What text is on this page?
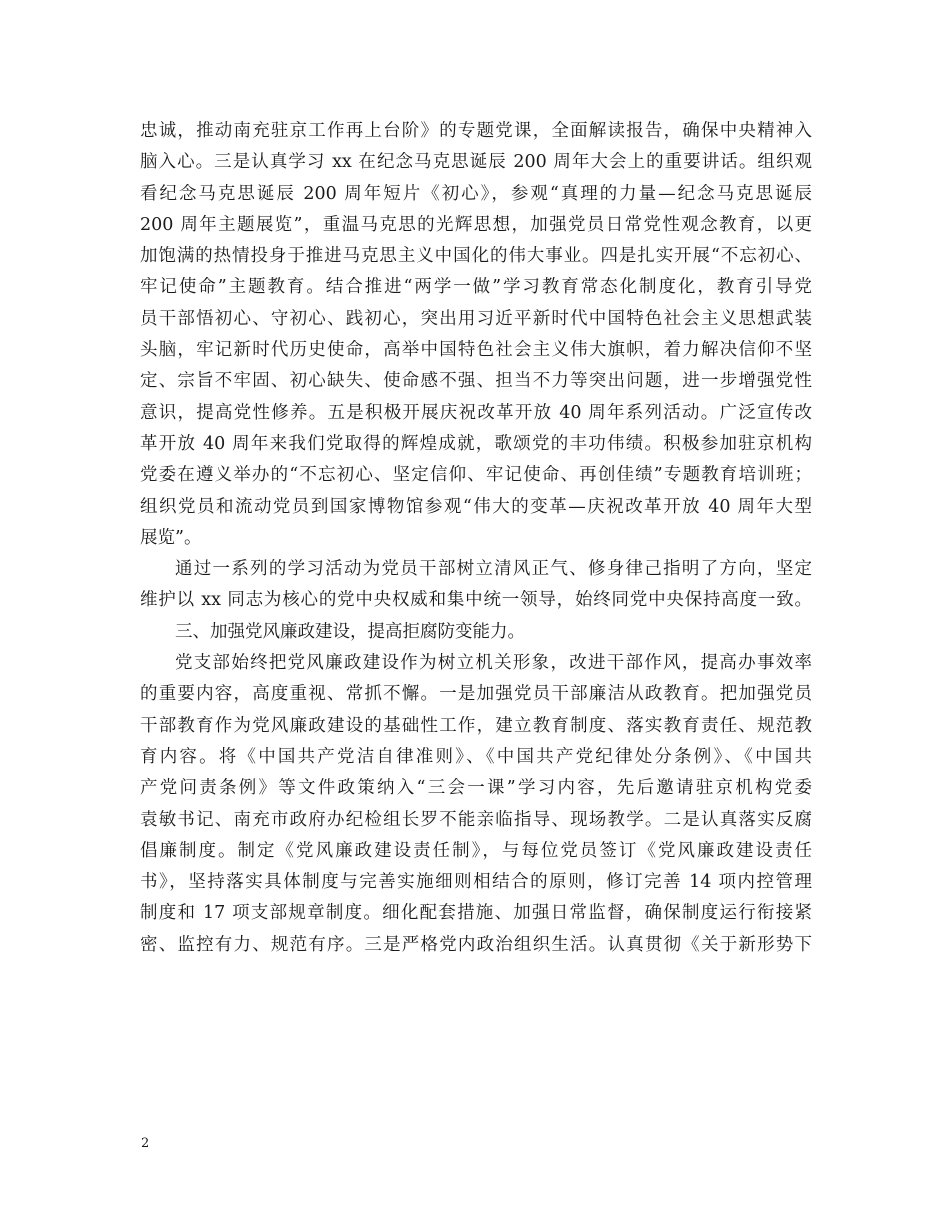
忠诚，推动南充驻京工作再上台阶》的专题党课，全面解读报告，确保中央精神入
脑入心。三是认真学习 xx 在纪念马克思诞辰 200 周年大会上的重要讲话。组织观
看纪念马克思诞辰 200 周年短片《初心》，参观“真理的力量—纪念马克思诞辰
200 周年主题展览”，重温马克思的光辉思想，加强党员日常党性观念教育，以更
加饱满的热情投身于推进马克思主义中国化的伟大事业。四是扎实开展“不忘初心、
牢记使命”主题教育。结合推进“两学一做”学习教育常态化制度化，教育引导党
员干部悟初心、守初心、践初心，突出用习近平新时代中国特色社会主义思想武装
头脑，牢记新时代历史使命，高举中国特色社会主义伟大旗帜，着力解决信仰不坚
定、宗旨不牢固、初心缺失、使命感不强、担当不力等突出问题，进一步增强党性
意识，提高党性修养。五是积极开展庆祝改革开放 40 周年系列活动。广泛宣传改
革开放 40 周年来我们党取得的辉煌成就，歌颂党的丰功伟绩。积极参加驻京机构
党委在遵义举办的“不忘初心、坚定信仰、牢记使命、再创佳绩”专题教育培训班；
组织党员和流动党员到国家博物馆参观“伟大的变革—庆祝改革开放 40 周年大型
展览”。
通过一系列的学习活动为党员干部树立清风正气、修身律己指明了方向，坚定
维护以 xx 同志为核心的党中央权威和集中统一领导，始终同党中央保持高度一致。
三、加强党风廉政建设，提高拒腐防变能力。
党支部始终把党风廉政建设作为树立机关形象，改进干部作风，提高办事效率
的重要内容，高度重视、常抓不懈。一是加强党员干部廉洁从政教育。把加强党员
干部教育作为党风廉政建设的基础性工作，建立教育制度、落实教育责任、规范教
育内容。将《中国共产党洁自律准则》、《中国共产党纪律处分条例》、《中国共
产党问责条例》等文件政策纳入“三会一课”学习内容，先后邀请驻京机构党委
袁敏书记、南充市政府办纪检组长罗不能亲临指导、现场教学。二是认真落实反腐
倡廉制度。制定《党风廉政建设责任制》，与每位党员签订《党风廉政建设责任
书》，坚持落实具体制度与完善实施细则相结合的原则，修订完善 14 项内控管理
制度和 17 项支部规章制度。细化配套措施、加强日常监督，确保制度运行衔接紧
密、监控有力、规范有序。三是严格党内政治组织生活。认真贯彻《关于新形势下
2
